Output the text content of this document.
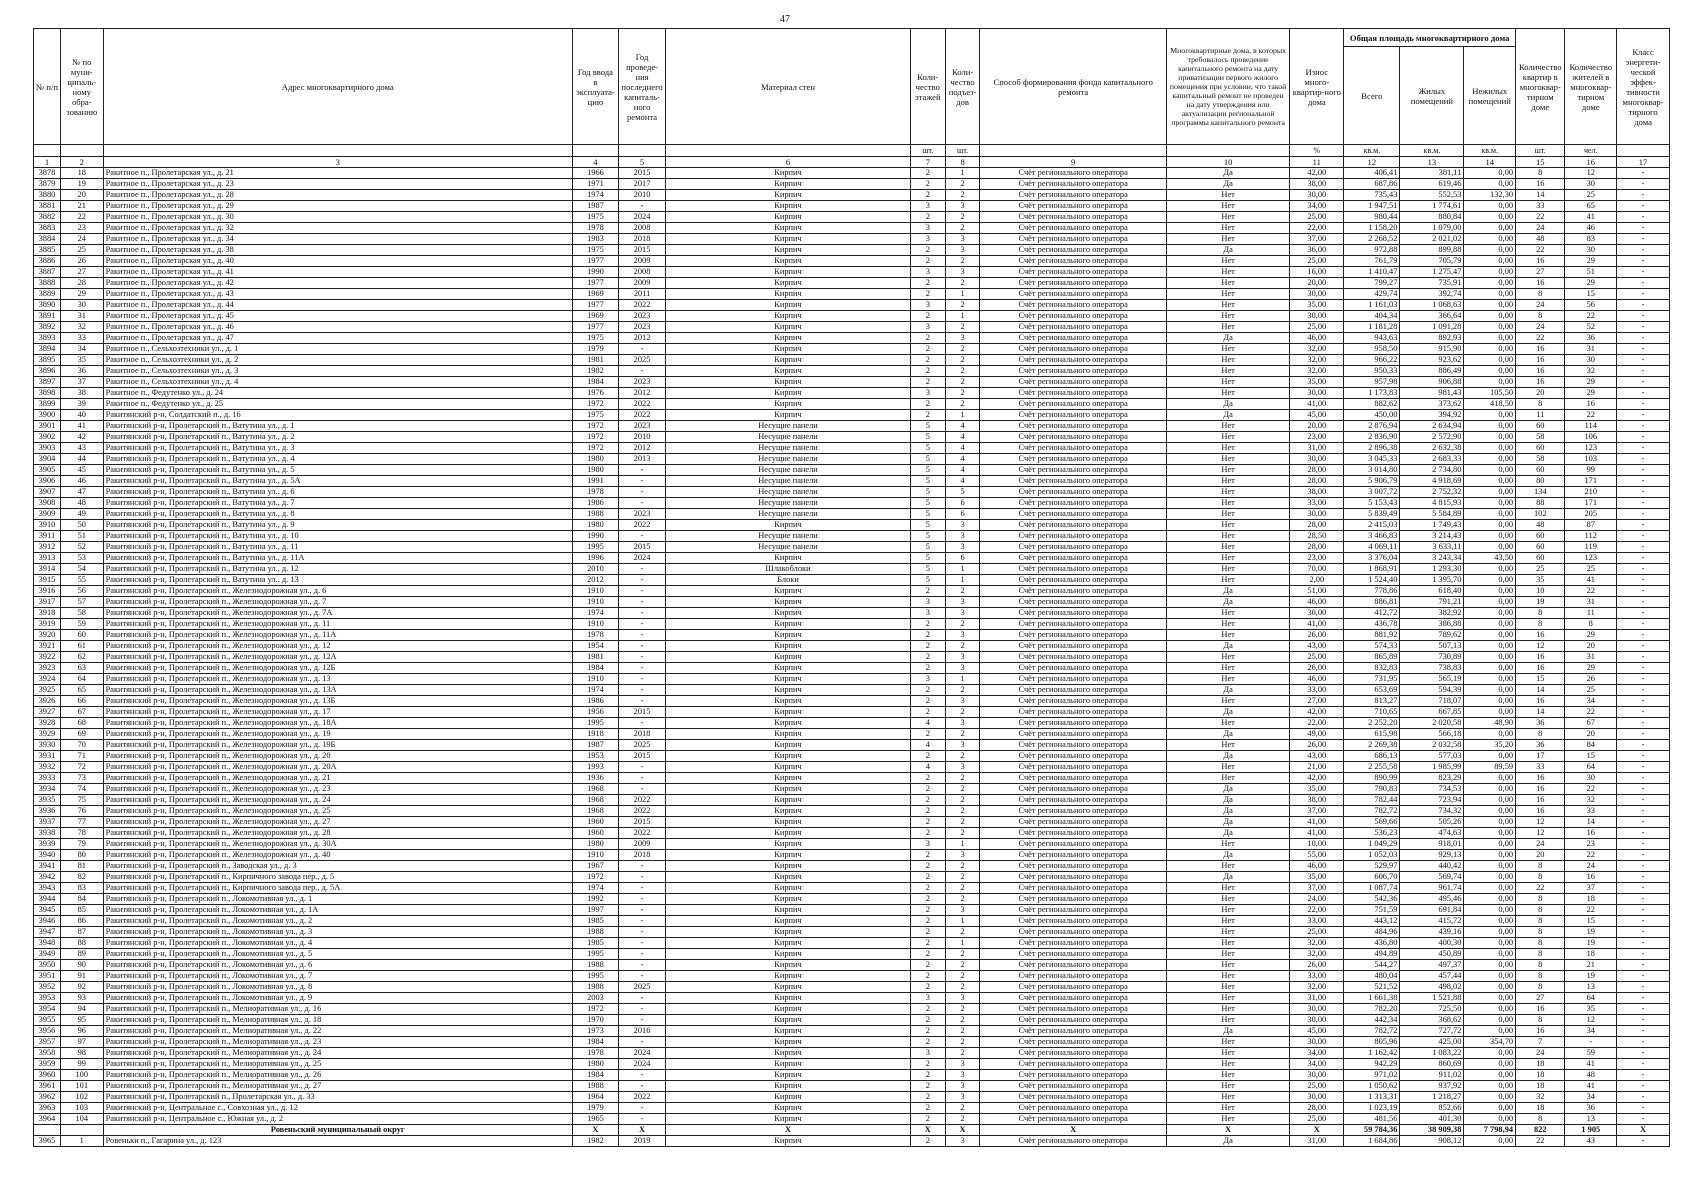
47
№ п/п	№ по муни-ципаль-ному обра-зованию	Адрес многоквартирного дома	Год ввода в эксплуата-цию	Год проведе-ния последнего капиталь-ного ремонта	Материал стен	Коли-чество этажей	Коли-чество подъез-дов	Способ формирования фонда капитального ремонта	Многоквартирные дома, в которых требовалось проведение капитального ремонта на дату приватизации первого жилого помещения при условии, что такой капитальный ремонт не проведен на дату утверждения или актуализации региональной программы капитального ремонта	Износ много-квартир-ного дома	Общая площадь многоквартирного дома			Количество квартир в многоквар-тирном доме	Количество жителей в многоквар-тирном доме	Класс энергети-ческой эффек-тивности многоквар-тирного дома
											Всего	Жилых помещений	Нежилых помещений			
						шт.	шт.			%	кв.м.	кв.м.	кв.м.	шт.	чел.	
1	2	3	4	5	6	7	8	9	10	11	12	13	14	15	16	17
3878	18	Ракитное п., Пролетарская ул., д. 21	1966	2015	Кирпич	2	1	Счёт регионального оператора	Да	42,00	406,41	381,11	0,00	8	12	-
3879	19	Ракитное п., Пролетарская ул., д. 23	1971	2017	Кирпич	2	2	Счёт регионального оператора	Да	38,00	687,86	619,46	0,00	16	30	-
3880	20	Ракитное п., Пролетарская ул., д. 28	1974	2010	Кирпич	2	2	Счёт регионального оператора	Нет	30,00	735,43	552,53	132,30	14	25	-
3881	21	Ракитное п., Пролетарская ул., д. 29	1987	-	Кирпич	3	3	Счёт регионального оператора	Нет	34,00	1 947,51	1 774,61	0,00	33	65	-
3882	22	Ракитное п., Пролетарская ул., д. 30	1975	2024	Кирпич	2	2	Счёт регионального оператора	Нет	25,00	980,44	880,84	0,00	22	41	-
3883	23	Ракитное п., Пролетарская ул., д. 32	1978	2008	Кирпич	3	2	Счёт регионального оператора	Нет	22,00	1 158,20	1 079,00	0,00	24	46	-
3884	24	Ракитное п., Пролетарская ул., д. 34	1983	2018	Кирпич	3	3	Счёт регионального оператора	Нет	37,00	2 268,52	2 021,02	0,00	48	83	-
3885	25	Ракитное п., Пролетарская ул., д. 38	1975	2015	Кирпич	2	3	Счёт регионального оператора	Да	36,00	972,88	899,88	0,00	22	30	-
3886	26	Ракитное п., Пролетарская ул., д. 40	1977	2009	Кирпич	2	2	Счёт регионального оператора	Нет	25,00	761,79	705,79	0,00	16	29	-
3887	27	Ракитное п., Пролетарская ул., д. 41	1990	2008	Кирпич	3	3	Счёт регионального оператора	Нет	16,00	1 410,47	1 275,47	0,00	27	51	-
3888	28	Ракитное п., Пролетарская ул., д. 42	1977	2009	Кирпич	2	2	Счёт регионального оператора	Нет	20,00	799,27	735,91	0,00	16	29	-
3889	29	Ракитное п., Пролетарская ул., д. 43	1969	2011	Кирпич	2	1	Счёт регионального оператора	Нет	30,00	429,74	392,74	0,00	8	15	-
3890	30	Ракитное п., Пролетарская ул., д. 44	1977	2022	Кирпич	3	2	Счёт регионального оператора	Нет	35,00	1 161,03	1 068,63	0,00	24	56	-
3891	31	Ракитное п., Пролетарская ул., д. 45	1969	2023	Кирпич	2	1	Счёт регионального оператора	Нет	30,00	404,34	366,64	0,00	8	22	-
3892	32	Ракитное п., Пролетарская ул., д. 46	1977	2023	Кирпич	3	2	Счёт регионального оператора	Нет	25,00	1 181,28	1 091,28	0,00	24	52	-
3893	33	Ракитное п., Пролетарская ул., д. 47	1975	2012	Кирпич	2	3	Счёт регионального оператора	Да	46,00	943,63	892,93	0,00	22	36	-
3894	34	Ракитное п., Сельхозтехники ул., д. 1	1979	-	Кирпич	2	2	Счёт регионального оператора	Нет	32,00	958,50	915,90	0,00	16	31	-
3895	35	Ракитное п., Сельхозтехники ул., д. 2	1981	2025	Кирпич	2	2	Счёт регионального оператора	Нет	32,00	966,22	923,62	0,00	16	30	-
3896	36	Ракитное п., Сельхозтехники ул., д. 3	1982	-	Кирпич	2	2	Счёт регионального оператора	Нет	32,00	950,33	886,49	0,00	16	32	-
3897	37	Ракитное п., Сельхозтехники ул., д. 4	1984	2023	Кирпич	2	2	Счёт регионального оператора	Нет	35,00	957,98	906,88	0,00	16	29	-
3898	38	Ракитное п., Федутенко ул., д. 24	1976	2012	Кирпич	3	2	Счёт регионального оператора	Нет	30,00	1 173,83	981,43	105,50	20	29	-
3899	39	Ракитное п., Федутенко ул., д. 25	1972	2022	Кирпич	2	2	Счёт регионального оператора	Да	41,00	882,62	373,62	418,50	8	16	-
3900	40	Ракитянский р-н, Солдатский п., д. 16	1975	2022	Кирпич	2	1	Счёт регионального оператора	Да	45,00	450,00	394,92	0,00	11	22	-
3901	41	Ракитянский р-н, Пролетарский п., Ватутина ул., д. 1	1972	2023	Несущие панели	5	4	Счёт регионального оператора	Нет	20,00	2 876,94	2 634,94	0,00	60	114	-
3902	42	Ракитянский р-н, Пролетарский п., Ватутина ул., д. 2	1972	2010	Несущие панели	5	4	Счёт регионального оператора	Нет	23,00	2 836,90	2 572,90	0,00	58	106	-
3903	43	Ракитянский р-н, Пролетарский п., Ватутина ул., д. 3	1972	2012	Несущие панели	5	4	Счёт регионального оператора	Нет	31,00	2 896,38	2 632,38	0,00	60	123	-
3904	44	Ракитянский р-н, Пролетарский п., Ватутина ул., д. 4	1980	2013	Несущие панели	5	4	Счёт регионального оператора	Нет	30,00	3 045,33	2 683,33	0,00	58	103	-
3905	45	Ракитянский р-н, Пролетарский п., Ватутина ул., д. 5	1980	-	Несущие панели	5	4	Счёт регионального оператора	Нет	28,00	3 014,80	2 734,80	0,00	60	99	-
3906	46	Ракитянский р-н, Пролетарский п., Ватутина ул., д. 5А	1991	-	Несущие панели	5	4	Счёт регионального оператора	Нет	28,00	5 906,79	4 918,69	0,00	80	171	-
3907	47	Ракитянский р-н, Пролетарский п., Ватутина ул., д. 6	1978	-	Несущие панели	5	5	Счёт регионального оператора	Нет	38,00	3 007,72	2 752,32	0,00	134	210	-
3908	48	Ракитянский р-н, Пролетарский п., Ватутина ул., д. 7	1986	-	Несущие панели	5	6	Счёт регионального оператора	Нет	33,00	5 153,43	4 815,93	0,00	88	171	-
3909	49	Ракитянский р-н, Пролетарский п., Ватутина ул., д. 8	1988	2023	Несущие панели	5	6	Счёт регионального оператора	Нет	30,00	5 839,49	5 584,89	0,00	102	205	-
3910	50	Ракитянский р-н, Пролетарский п., Ватутина ул., д. 9	1980	2022	Кирпич	5	3	Счёт регионального оператора	Нет	28,00	2 415,03	1 749,43	0,00	48	87	-
3911	51	Ракитянский р-н, Пролетарский п., Ватутина ул., д. 10	1990	-	Несущие панели	5	3	Счёт регионального оператора	Нет	28,50	3 466,83	3 214,43	0,00	60	112	-
3912	52	Ракитянский р-н, Пролетарский п., Ватутина ул., д. 11	1995	2015	Несущие панели	5	3	Счёт регионального оператора	Нет	28,00	4 069,11	3 633,11	0,00	60	119	-
3913	53	Ракитянский р-н, Пролетарский п., Ватутина ул., д. 11А	1996	2024	Кирпич	5	6	Счёт регионального оператора	Нет	23,00	3 376,04	3 243,34	43,50	60	123	-
3914	54	Ракитянский р-н, Пролетарский п., Ватутина ул., д. 12	2010	-	Шлакоблоки	5	1	Счёт регионального оператора	Нет	70,00	1 868,91	1 293,30	0,00	25	25	-
3915	55	Ракитянский р-н, Пролетарский п., Ватутина ул., д. 13	2012	-	Блоки	5	1	Счёт регионального оператора	Нет	2,00	1 524,40	1 395,70	0,00	35	41	-
3916	56	Ракитянский р-н, Пролетарский п., Железнодорожная ул., д. 6	1910	-	Кирпич	2	2	Счёт регионального оператора	Да	51,00	778,86	618,40	0,00	10	22	-
3917	57	Ракитянский р-н, Пролетарский п., Железнодорожная ул., д. 7	1910	-	Кирпич	3	3	Счёт регионального оператора	Да	46,00	886,81	791,21	0,00	19	31	-
3918	58	Ракитянский р-н, Пролетарский п., Железнодорожная ул., д. 7А	1974	-	Кирпич	3	3	Счёт регионального оператора	Нет	30,00	412,72	382,92	0,00	8	11	-
3919	59	Ракитянский р-н, Пролетарский п., Железнодорожная ул., д. 11	1910	-	Кирпич	2	2	Счёт регионального оператора	Нет	41,00	436,78	386,88	0,00	8	8	-
3920	60	Ракитянский р-н, Пролетарский п., Железнодорожная ул., д. 11А	1978	-	Кирпич	2	3	Счёт регионального оператора	Нет	26,00	881,92	789,62	0,00	16	29	-
3921	61	Ракитянский р-н, Пролетарский п., Железнодорожная ул., д. 12	1954	-	Кирпич	2	2	Счёт регионального оператора	Да	43,00	574,33	507,13	0,00	12	20	-
3922	62	Ракитянский р-н, Пролетарский п., Железнодорожная ул., д. 12А	1981	-	Кирпич	2	3	Счёт регионального оператора	Нет	25,00	865,89	730,89	0,00	16	31	-
3923	63	Ракитянский р-н, Пролетарский п., Железнодорожная ул., д. 12Б	1984	-	Кирпич	2	3	Счёт регионального оператора	Нет	26,00	832,83	738,83	0,00	16	29	-
3924	64	Ракитянский р-н, Пролетарский п., Железнодорожная ул., д. 13	1910	-	Кирпич	3	1	Счёт регионального оператора	Нет	46,00	731,95	565,19	0,00	15	26	-
3925	65	Ракитянский р-н, Пролетарский п., Железнодорожная ул., д. 13А	1974	-	Кирпич	2	2	Счёт регионального оператора	Да	33,00	653,69	594,39	0,00	14	25	-
3926	66	Ракитянский р-н, Пролетарский п., Железнодорожная ул., д. 13Б	1986	-	Кирпич	2	3	Счёт регионального оператора	Нет	27,00	813,27	718,07	0,00	16	34	-
3927	67	Ракитянский р-н, Пролетарский п., Железнодорожная ул., д. 17	1956	2015	Кирпич	2	2	Счёт регионального оператора	Да	42,00	710,65	667,85	0,00	14	22	-
3928	68	Ракитянский р-н, Пролетарский п., Железнодорожная ул., д. 18А	1995	-	Кирпич	4	3	Счёт регионального оператора	Нет	22,00	2 252,20	2 020,58	48,90	36	67	-
3929	69	Ракитянский р-н, Пролетарский п., Железнодорожная ул., д. 19	1918	2018	Кирпич	2	2	Счёт регионального оператора	Да	49,00	615,98	566,18	0,00	8	20	-
3930	70	Ракитянский р-н, Пролетарский п., Железнодорожная ул., д. 19Б	1987	2025	Кирпич	4	3	Счёт регионального оператора	Нет	26,00	2 269,38	2 032,58	35,20	36	84	-
3931	71	Ракитянский р-н, Пролетарский п., Железнодорожная ул., д. 20	1953	2015	Кирпич	2	2	Счёт регионального оператора	Да	43,00	686,13	577,03	0,00	17	15	-
3932	72	Ракитянский р-н, Пролетарский п., Железнодорожная ул., д. 20А	1993	-	Кирпич	4	3	Счёт регионального оператора	Нет	21,00	2 255,58	1 985,99	89,59	33	64	-
3933	73	Ракитянский р-н, Пролетарский п., Железнодорожная ул., д. 21	1936	-	Кирпич	2	2	Счёт регионального оператора	Нет	42,00	890,99	823,29	0,00	16	30	-
3934	74	Ракитянский р-н, Пролетарский п., Железнодорожная ул., д. 23	1968	-	Кирпич	2	2	Счёт регионального оператора	Да	35,00	790,83	734,53	0,00	16	22	-
3935	75	Ракитянский р-н, Пролетарский п., Железнодорожная ул., д. 24	1968	2022	Кирпич	2	2	Счёт регионального оператора	Да	38,00	782,44	723,94	0,00	16	32	-
3936	76	Ракитянский р-н, Пролетарский п., Железнодорожная ул., д. 25	1968	2022	Кирпич	2	2	Счёт регионального оператора	Да	37,00	782,72	734,32	0,00	16	33	-
3937	77	Ракитянский р-н, Пролетарский п., Железнодорожная ул., д. 27	1960	2015	Кирпич	2	2	Счёт регионального оператора	Да	41,00	569,66	505,26	0,00	12	14	-
3938	78	Ракитянский р-н, Пролетарский п., Железнодорожная ул., д. 28	1960	2022	Кирпич	2	2	Счёт регионального оператора	Да	41,00	536,23	474,63	0,00	12	16	-
3939	79	Ракитянский р-н, Пролетарский п., Железнодорожная ул., д. 30А	1980	2009	Кирпич	3	1	Счёт регионального оператора	Нет	10,00	1 049,29	918,01	0,00	24	23	-
3940	80	Ракитянский р-н, Пролетарский п., Железнодорожная ул., д. 40	1910	2018	Кирпич	2	3	Счёт регионального оператора	Да	55,00	1 052,03	929,13	0,00	20	22	-
3941	81	Ракитянский р-н, Пролетарский п., Заводская ул., д. 3	1967	-	Кирпич	2	2	Счёт регионального оператора	Нет	46,00	529,97	440,42	0,00	8	24	-
3942	82	Ракитянский р-н, Пролетарский п., Кирпичного завода пер., д. 5	1972	-	Кирпич	2	2	Счёт регионального оператора	Да	35,00	606,70	569,74	0,00	8	16	-
3943	83	Ракитянский р-н, Пролетарский п., Кирпичного завода пер., д. 5А	1974	-	Кирпич	2	2	Счёт регионального оператора	Нет	37,00	1 087,74	961,74	0,00	22	37	-
3944	84	Ракитянский р-н, Пролетарский п., Локомотивная ул., д. 1	1992	-	Кирпич	2	2	Счёт регионального оператора	Нет	24,00	542,36	495,46	0,00	8	18	-
3945	85	Ракитянский р-н, Пролетарский п., Локомотивная ул., д. 1А	1997	-	Кирпич	2	3	Счёт регионального оператора	Нет	22,00	751,59	691,84	0,00	8	22	-
3946	86	Ракитянский р-н, Пролетарский п., Локомотивная ул., д. 2	1985	-	Кирпич	2	1	Счёт регионального оператора	Нет	33,00	443,12	415,72	0,00	8	15	-
3947	87	Ракитянский р-н, Пролетарский п., Локомотивная ул., д. 3	1988	-	Кирпич	2	2	Счёт регионального оператора	Нет	25,00	484,96	439,16	0,00	8	19	-
3948	88	Ракитянский р-н, Пролетарский п., Локомотивная ул., д. 4	1985	-	Кирпич	2	1	Счёт регионального оператора	Нет	32,00	436,80	400,30	0,00	8	19	-
3949	89	Ракитянский р-н, Пролетарский п., Локомотивная ул., д. 5	1995	-	Кирпич	2	2	Счёт регионального оператора	Нет	32,00	494,89	450,89	0,00	8	18	-
3950	90	Ракитянский р-н, Пролетарский п., Локомотивная ул., д. 6	1988	-	Кирпич	2	2	Счёт регионального оператора	Нет	26,00	544,27	497,37	0,00	8	21	-
3951	91	Ракитянский р-н, Пролетарский п., Локомотивная ул., д. 7	1995	-	Кирпич	2	2	Счёт регионального оператора	Нет	33,00	480,04	457,44	0,00	8	19	-
3952	92	Ракитянский р-н, Пролетарский п., Локомотивная ул., д. 8	1988	2025	Кирпич	2	2	Счёт регионального оператора	Нет	32,00	521,52	498,02	0,00	8	13	-
3953	93	Ракитянский р-н, Пролетарский п., Локомотивная ул., д. 9	2003	-	Кирпич	3	3	Счёт регионального оператора	Нет	31,00	1 661,38	1 521,88	0,00	27	64	-
3954	94	Ракитянский р-н, Пролетарский п., Мелиоративная ул., д. 16	1972	-	Кирпич	2	2	Счёт регионального оператора	Нет	30,00	782,20	725,50	0,00	16	35	-
3955	95	Ракитянский р-н, Пролетарский п., Мелиоративная ул., д. 18	1970	-	Кирпич	2	2	Счёт регионального оператора	Нет	30,00	442,34	368,62	0,00	8	12	-
3956	96	Ракитянский р-н, Пролетарский п., Мелиоративная ул., д. 22	1973	2016	Кирпич	2	2	Счёт регионального оператора	Да	45,00	782,72	727,72	0,00	16	34	-
3957	97	Ракитянский р-н, Пролетарский п., Мелиоративная ул., д. 23	1984	-	Кирпич	2	2	Счёт регионального оператора	Нет	30,00	805,96	425,00	354,70	7	-	-
3958	98	Ракитянский р-н, Пролетарский п., Мелиоративная ул., д. 24	1978	2024	Кирпич	3	2	Счёт регионального оператора	Нет	34,00	1 162,42	1 083,22	0,00	24	59	-
3959	99	Ракитянский р-н, Пролетарский п., Мелиоративная ул., д. 25	1980	2024	Кирпич	2	3	Счёт регионального оператора	Нет	34,00	942,29	860,69	0,00	18	41	-
3960	100	Ракитянский р-н, Пролетарский п., Мелиоративная ул., д. 26	1984	-	Кирпич	2	3	Счёт регионального оператора	Нет	30,00	971,02	911,02	0,00	18	48	-
3961	101	Ракитянский р-н, Пролетарский п., Мелиоративная ул., д. 27	1988	-	Кирпич	2	3	Счёт регионального оператора	Нет	25,00	1 050,62	937,92	0,00	18	41	-
3962	102	Ракитянский р-н, Пролетарский п., Пролетарская ул., д. 33	1964	2022	Кирпич	2	3	Счёт регионального оператора	Нет	30,00	1 313,31	1 218,27	0,00	32	34	-
3963	103	Ракитянский р-н, Центральное с., Совхозная ул., д. 12	1979	-	Кирпич	2	2	Счёт регионального оператора	Нет	28,00	1 023,19	852,66	0,00	18	36	-
3964	104	Ракитянский р-н, Центральное с., Южная ул., д. 2	1965	-	Кирпич	2	2	Счёт регионального оператора	Нет	25,00	481,56	401,30	0,00	8	13	-
		Ровеньский муниципальный округ	X	X	X	X	X	X	X	X	59 784,36	38 909,38	7 798,94	822	1 905	X
3965	1	Ровеньки п., Гагарина ул., д. 123	1982	2019	Кирпич	2	3	Счёт регионального оператора	Да	31,00	1 684,86	908,12	0,00	22	43	-
